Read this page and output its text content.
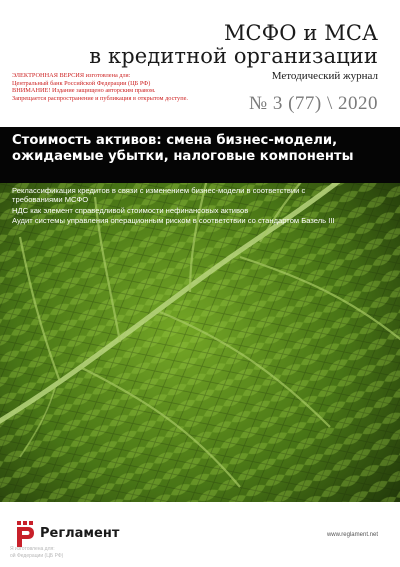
МСФО и МСА
в кредитной организации
Методический журнал
№ 3 (77) \ 2020
ЭЛЕКТРОННАЯ ВЕРСИЯ изготовлена для:
Центральный банк Российской Федерации (ЦБ РФ)
ВНИМАНИЕ! Издание защищено авторским правом.
Запрещается распространение и публикация в открытом доступе.
Стоимость активов: смена бизнес-модели, ожидаемые убытки, налоговые компоненты
Реклассификация кредитов в связи с изменением бизнес-модели в соответствии с требованиями МСФО
НДС как элемент справедливой стоимости нефинансовых активов
Аудит системы управления операционным риском в соответствии со стандартом Базель III
Регламент	www.reglament.net
Я изготовлена для:
ой Федерации (ЦБ РФ)
